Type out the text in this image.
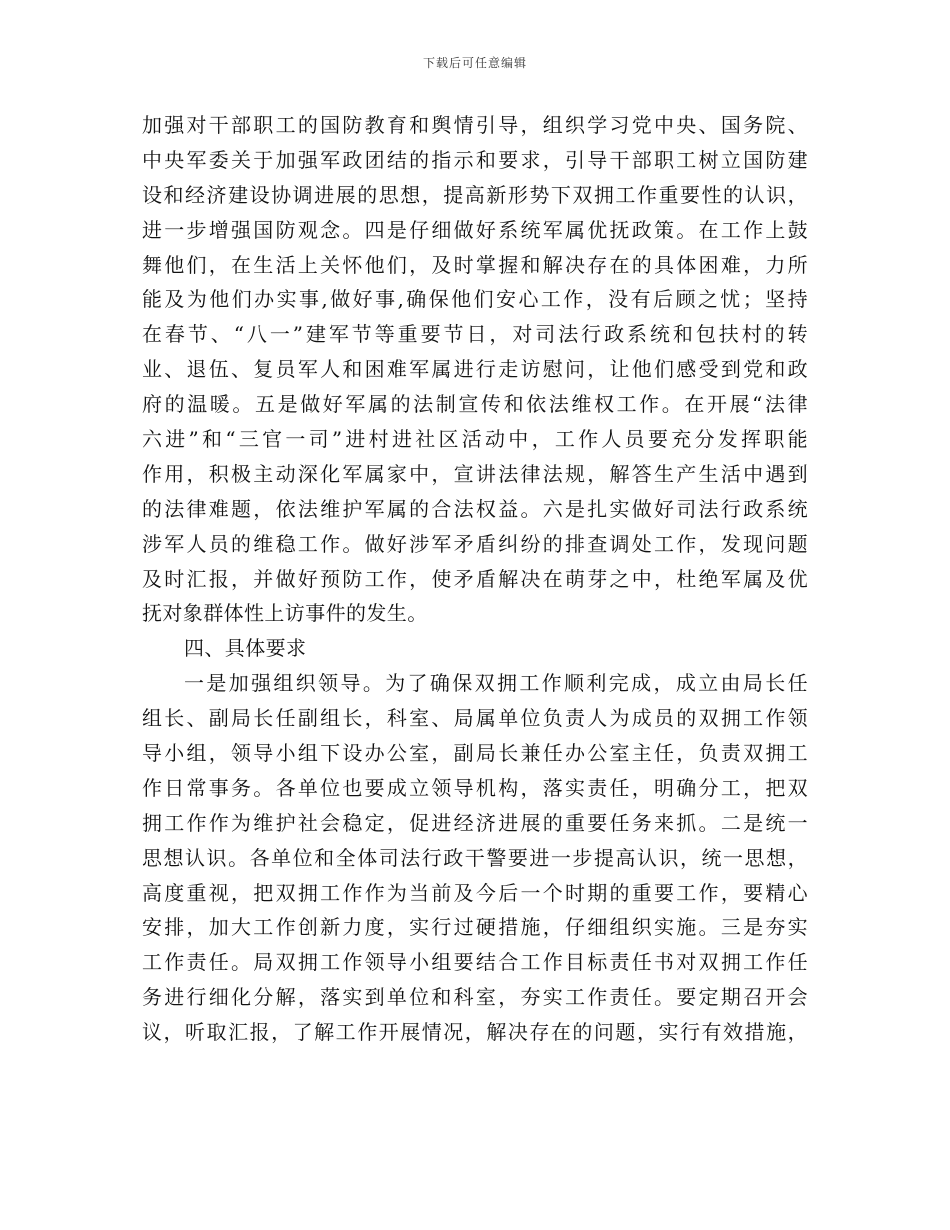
下载后可任意编辑
加强对干部职工的国防教育和舆情引导，组织学习党中央、国务院、
中央军委关于加强军政团结的指示和要求，引导干部职工树立国防建
设和经济建设协调进展的思想，提高新形势下双拥工作重要性的认识，
进一步增强国防观念。四是仔细做好系统军属优抚政策。在工作上鼓
舞他们，在生活上关怀他们，及时掌握和解决存在的具体困难，力所
能及为他们办实事,做好事,确保他们安心工作，没有后顾之忧；坚持
在春节、“八一”建军节等重要节日，对司法行政系统和包扶村的转
业、退伍、复员军人和困难军属进行走访慰问，让他们感受到党和政
府的温暖。五是做好军属的法制宣传和依法维权工作。在开展“法律
六进”和“三官一司”进村进社区活动中，工作人员要充分发挥职能
作用，积极主动深化军属家中，宣讲法律法规，解答生产生活中遇到
的法律难题，依法维护军属的合法权益。六是扎实做好司法行政系统
涉军人员的维稳工作。做好涉军矛盾纠纷的排查调处工作，发现问题
及时汇报，并做好预防工作，使矛盾解决在萌芽之中，杜绝军属及优
抚对象群体性上访事件的发生。
四、具体要求
一是加强组织领导。为了确保双拥工作顺利完成，成立由局长任
组长、副局长任副组长，科室、局属单位负责人为成员的双拥工作领
导小组，领导小组下设办公室，副局长兼任办公室主任，负责双拥工
作日常事务。各单位也要成立领导机构，落实责任，明确分工，把双
拥工作作为维护社会稳定，促进经济进展的重要任务来抓。二是统一
思想认识。各单位和全体司法行政干警要进一步提高认识，统一思想，
高度重视，把双拥工作作为当前及今后一个时期的重要工作，要精心
安排，加大工作创新力度，实行过硬措施，仔细组织实施。三是夯实
工作责任。局双拥工作领导小组要结合工作目标责任书对双拥工作任
务进行细化分解，落实到单位和科室，夯实工作责任。要定期召开会
议，听取汇报，了解工作开展情况，解决存在的问题，实行有效措施，
